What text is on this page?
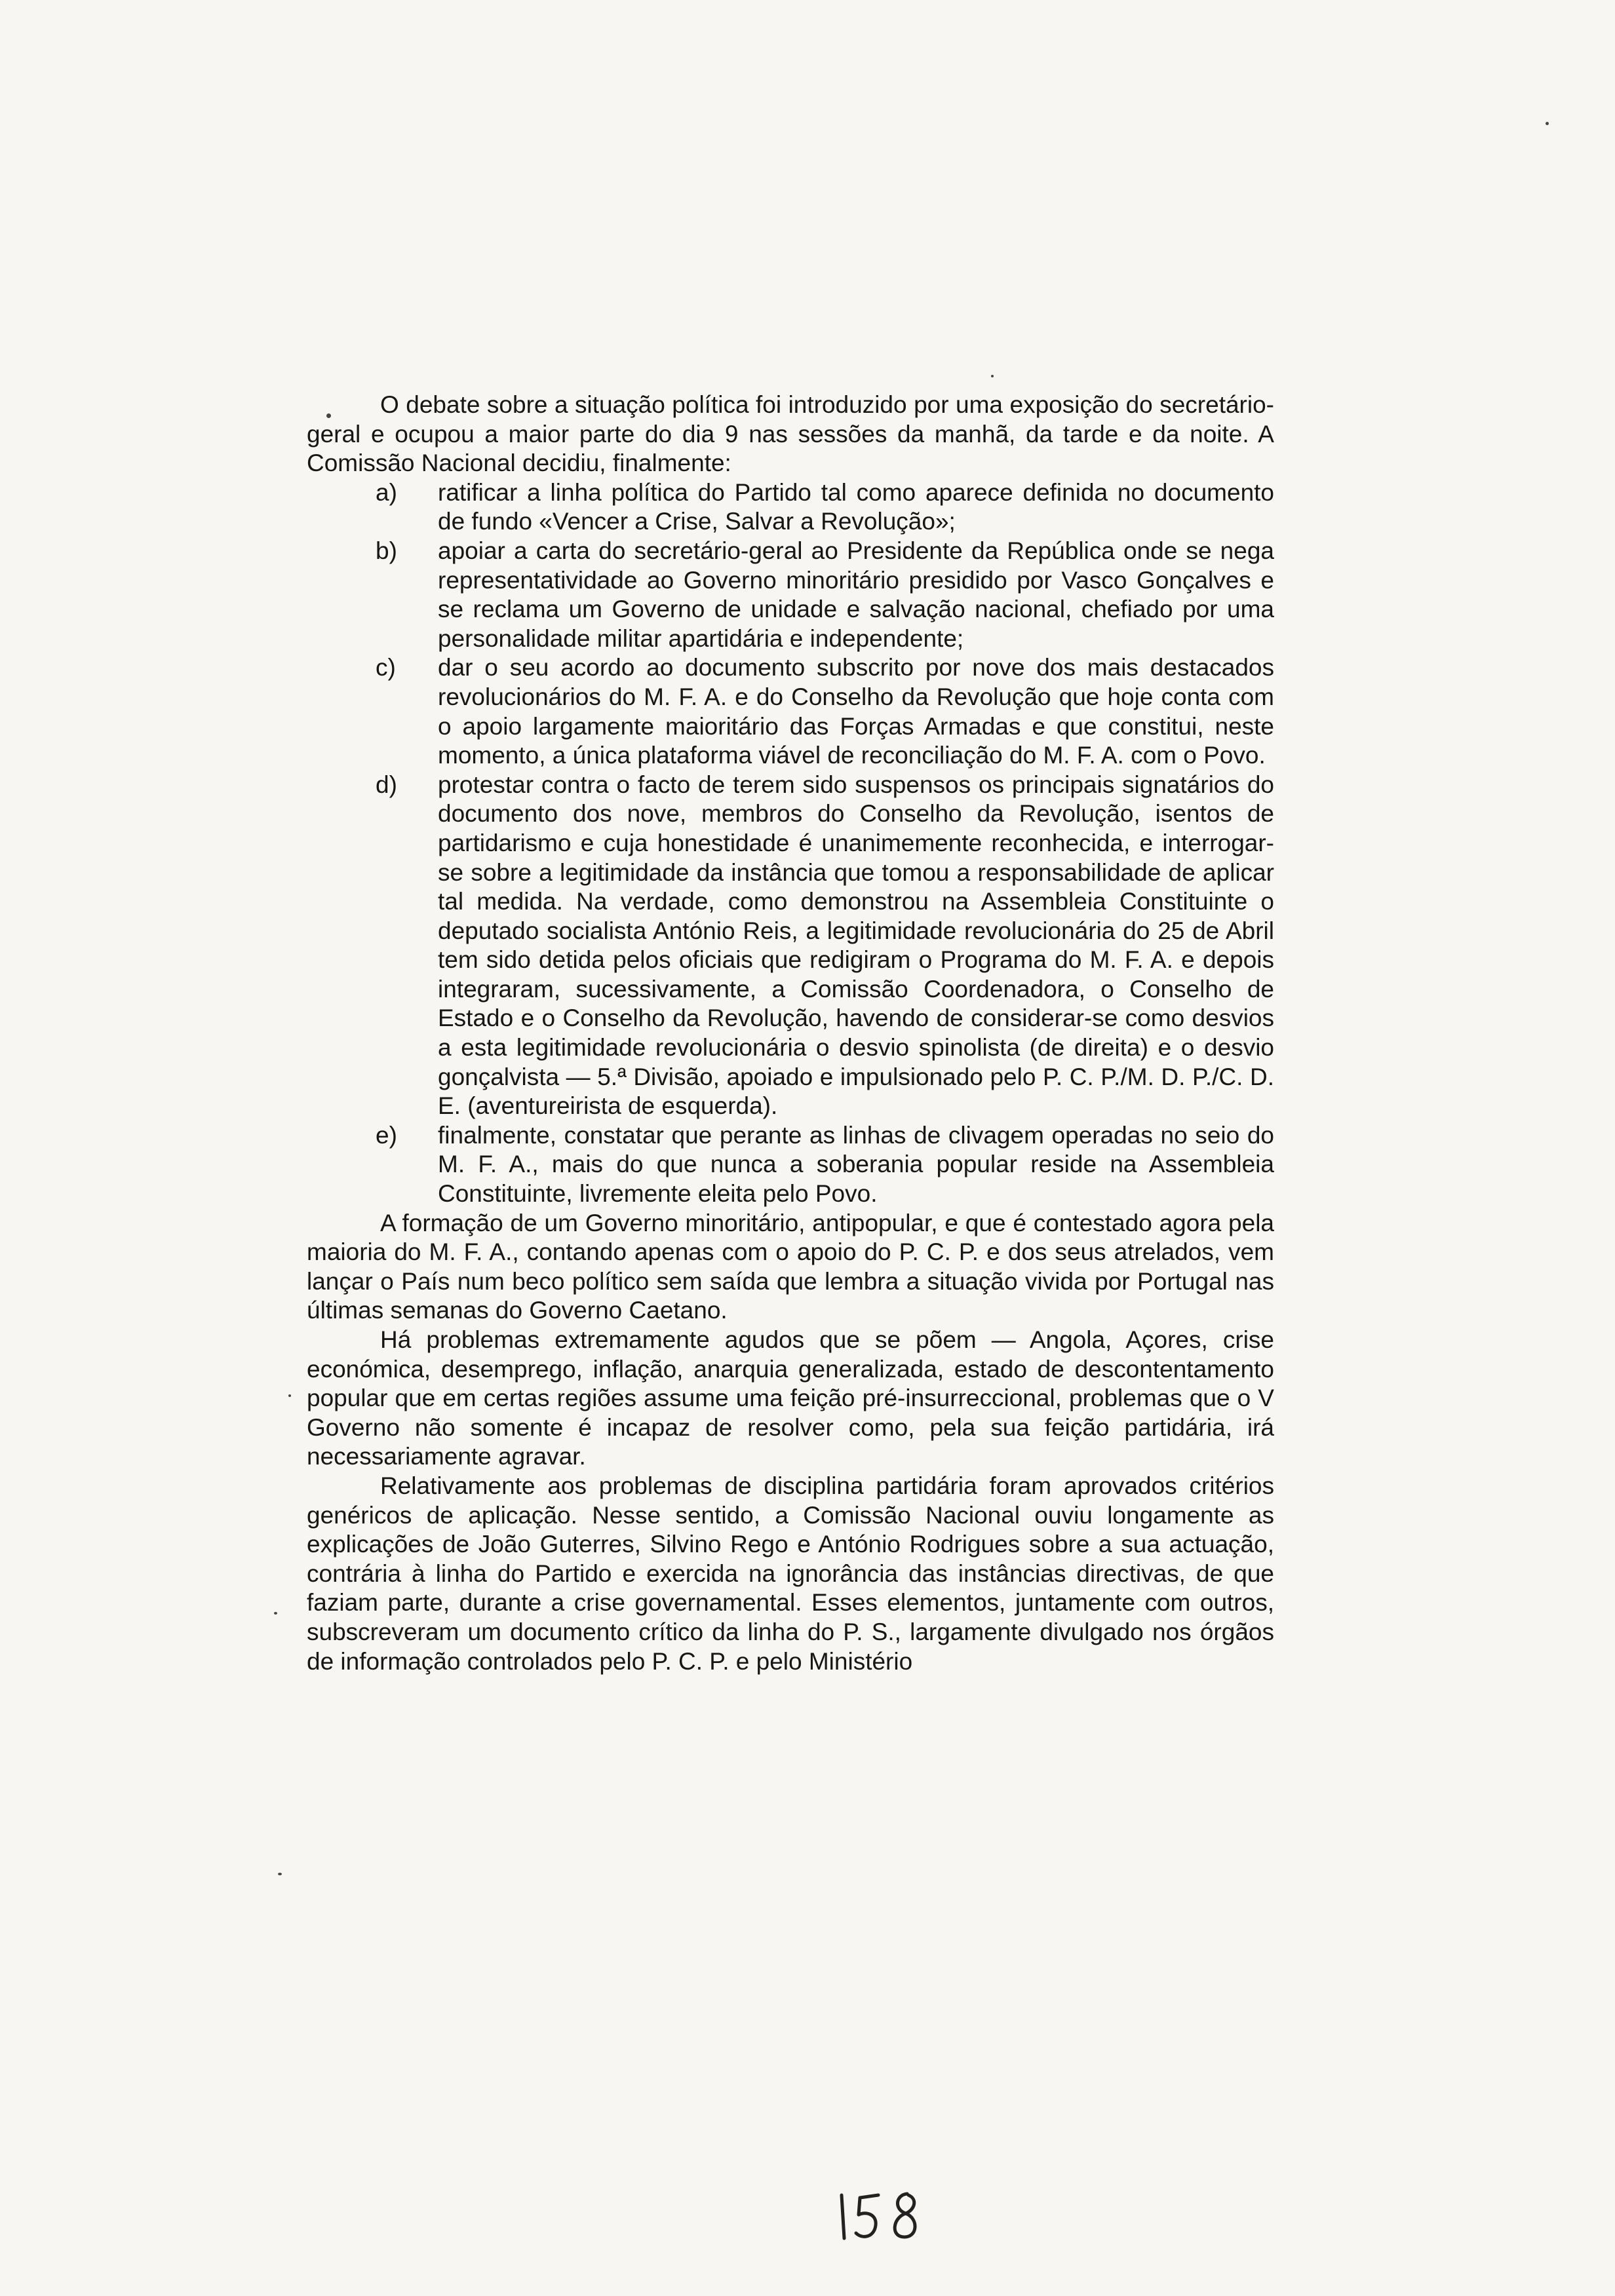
O debate sobre a situação política foi introduzido por uma exposição do secretário-geral e ocupou a maior parte do dia 9 nas sessões da manhã, da tarde e da noite. A Comissão Nacional decidiu, finalmente:

a)	ratificar a linha política do Partido tal como aparece definida no documento de fundo «Vencer a Crise, Salvar a Revolução»;

b)	apoiar a carta do secretário-geral ao Presidente da República onde se nega representatividade ao Governo minoritário presidido por Vasco Gonçalves e se reclama um Governo de unidade e salvação nacional, chefiado por uma personalidade militar apartidária e independente;

c)	dar o seu acordo ao documento subscrito por nove dos mais destacados revolucionários do M. F. A. e do Conselho da Revolução que hoje conta com o apoio largamente maioritário das Forças Armadas e que constitui, neste momento, a única plataforma viável de reconciliação do M. F. A. com o Povo.

d)	protestar contra o facto de terem sido suspensos os principais signatários do documento dos nove, membros do Conselho da Revolução, isentos de partidarismo e cuja honestidade é unanimemente reconhecida, e interrogar-se sobre a legitimidade da instância que tomou a responsabilidade de aplicar tal medida. Na verdade, como demonstrou na Assembleia Constituinte o deputado socialista António Reis, a legitimidade revolucionária do 25 de Abril tem sido detida pelos oficiais que redigiram o Programa do M. F. A. e depois integraram, sucessivamente, a Comissão Coordenadora, o Conselho de Estado e o Conselho da Revolução, havendo de considerar-se como desvios a esta legitimidade revolucionária o desvio spinolista (de direita) e o desvio gonçalvista — 5.ª Divisão, apoiado e impulsionado pelo P. C. P./M. D. P./C. D. E. (aventureirista de esquerda).

e)	finalmente, constatar que perante as linhas de clivagem operadas no seio do M. F. A., mais do que nunca a soberania popular reside na Assembleia Constituinte, livremente eleita pelo Povo.

A formação de um Governo minoritário, antipopular, e que é contestado agora pela maioria do M. F. A., contando apenas com o apoio do P. C. P. e dos seus atrelados, vem lançar o País num beco político sem saída que lembra a situação vivida por Portugal nas últimas semanas do Governo Caetano.

Há problemas extremamente agudos que se põem — Angola, Açores, crise económica, desemprego, inflação, anarquia generalizada, estado de descontentamento popular que em certas regiões assume uma feição pré-insurreccional, problemas que o V Governo não somente é incapaz de resolver como, pela sua feição partidária, irá necessariamente agravar.

Relativamente aos problemas de disciplina partidária foram aprovados critérios genéricos de aplicação. Nesse sentido, a Comissão Nacional ouviu longamente as explicações de João Guterres, Silvino Rego e António Rodrigues sobre a sua actuação, contrária à linha do Partido e exercida na ignorância das instâncias directivas, de que faziam parte, durante a crise governamental. Esses elementos, juntamente com outros, subscreveram um documento crítico da linha do P. S., largamente divulgado nos órgãos de informação controlados pelo P. C. P. e pelo Ministério
